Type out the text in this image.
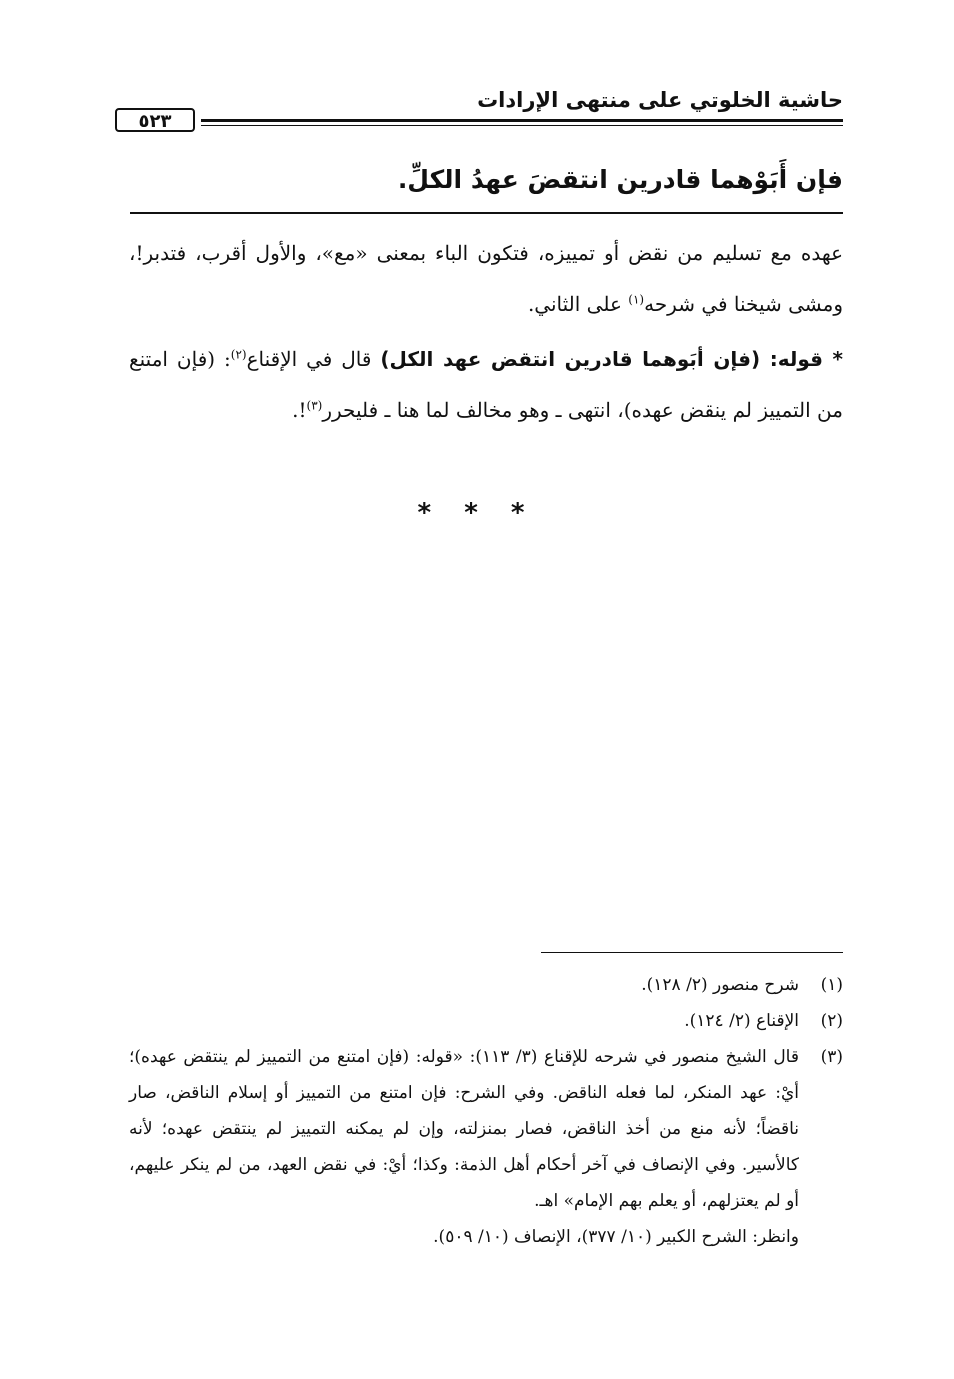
حاشية الخلوتي على منتهى الإرادات
٥٢٣
فإن أَبَوْهما قادرين انتقضَ عهدُ الكلِّ.

عهده مع تسليم من نقض أو تمييزه، فتكون الباء بمعنى «مع»، والأول أقرب، فتدبر!، ومشى شيخنا في شرحه$^{(١)}$ على الثاني.

* قوله: (فإن أبَوهما قادرين انتقض عهد الكل) قال في الإقناع$^{(٢)}$: (فإن امتنع من التمييز لم ينقض عهده)، انتهى ـ وهو مخالف لما هنا ـ فليحرر$^{(٣)}$!.

* * *
(١)

شرح منصور (٢/ ١٢٨).

(٢)

الإقناع (٢/ ١٢٤).

(٣)

قال الشيخ منصور في شرحه للإقناع (٣/ ١١٣): «قوله: (فإن امتنع من التمييز لم ينتقض عهده)؛ أيْ: عهد المنكر، لما فعله الناقض. وفي الشرح: فإن امتنع من التمييز أو إسلام الناقض، صار ناقضاً؛ لأنه منع من أخذ الناقض، فصار بمنزلته، وإن لم يمكنه التمييز لم ينتقض عهده؛ لأنه كالأسير. وفي الإنصاف في آخر أحكام أهل الذمة: وكذا؛ أيْ: في نقض العهد، من لم ينكر عليهم، أو لم يعتزلهم، أو يعلم بهم الإمام» اهـ.

وانظر: الشرح الكبير (١٠/ ٣٧٧)، الإنصاف (١٠/ ٥٠٩).
